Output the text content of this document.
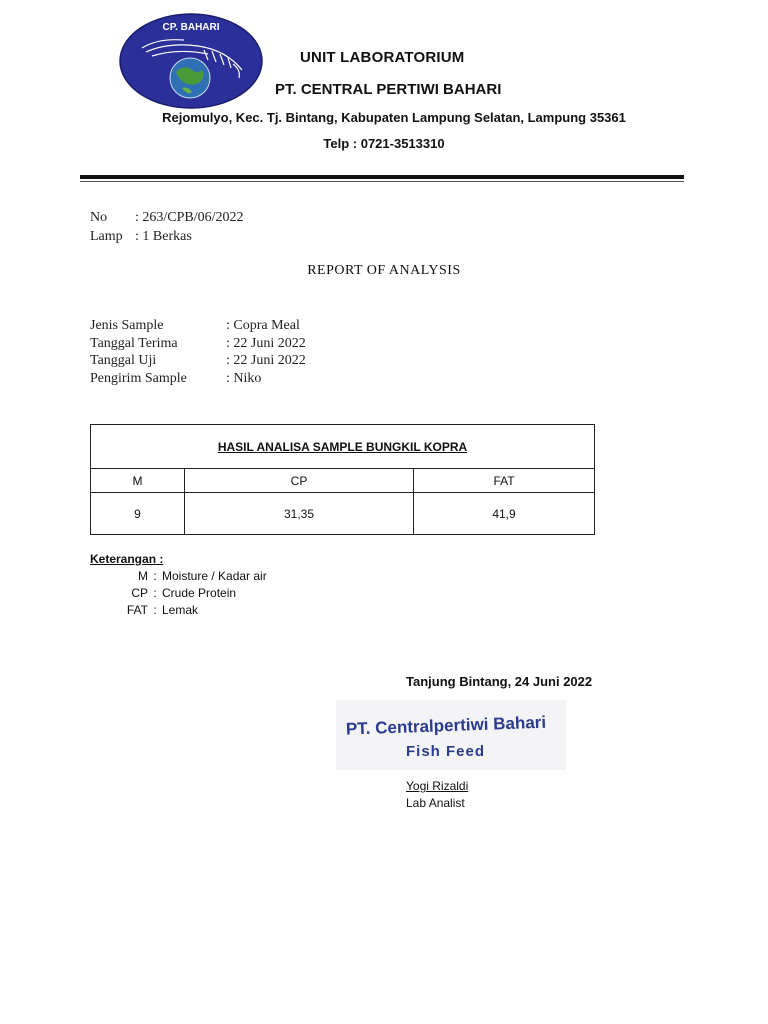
CP. BAHARI
UNIT LABORATORIUM
PT. CENTRAL PERTIWI BAHARI
Rejomulyo, Kec. Tj. Bintang, Kabupaten Lampung Selatan, Lampung 35361
Telp : 0721-3513310
No : 263/CPB/06/2022
Lamp : 1 Berkas
REPORT OF ANALYSIS
Jenis Sample	: Copra Meal
Tanggal Terima	: 22 Juni 2022
Tanggal Uji	: 22 Juni 2022
Pengirim Sample	: Niko
HASIL ANALISA SAMPLE BUNGKIL KOPRA		
M	CP	FAT
9	31,35	41,9
Keterangan :
M : Moisture / Kadar air
CP : Crude Protein
FAT : Lemak
Tanjung Bintang, 24 Juni 2022
PT. Centralpertiwi Bahari
Fish Feed
Yogi Rizaldi
Lab Analist
